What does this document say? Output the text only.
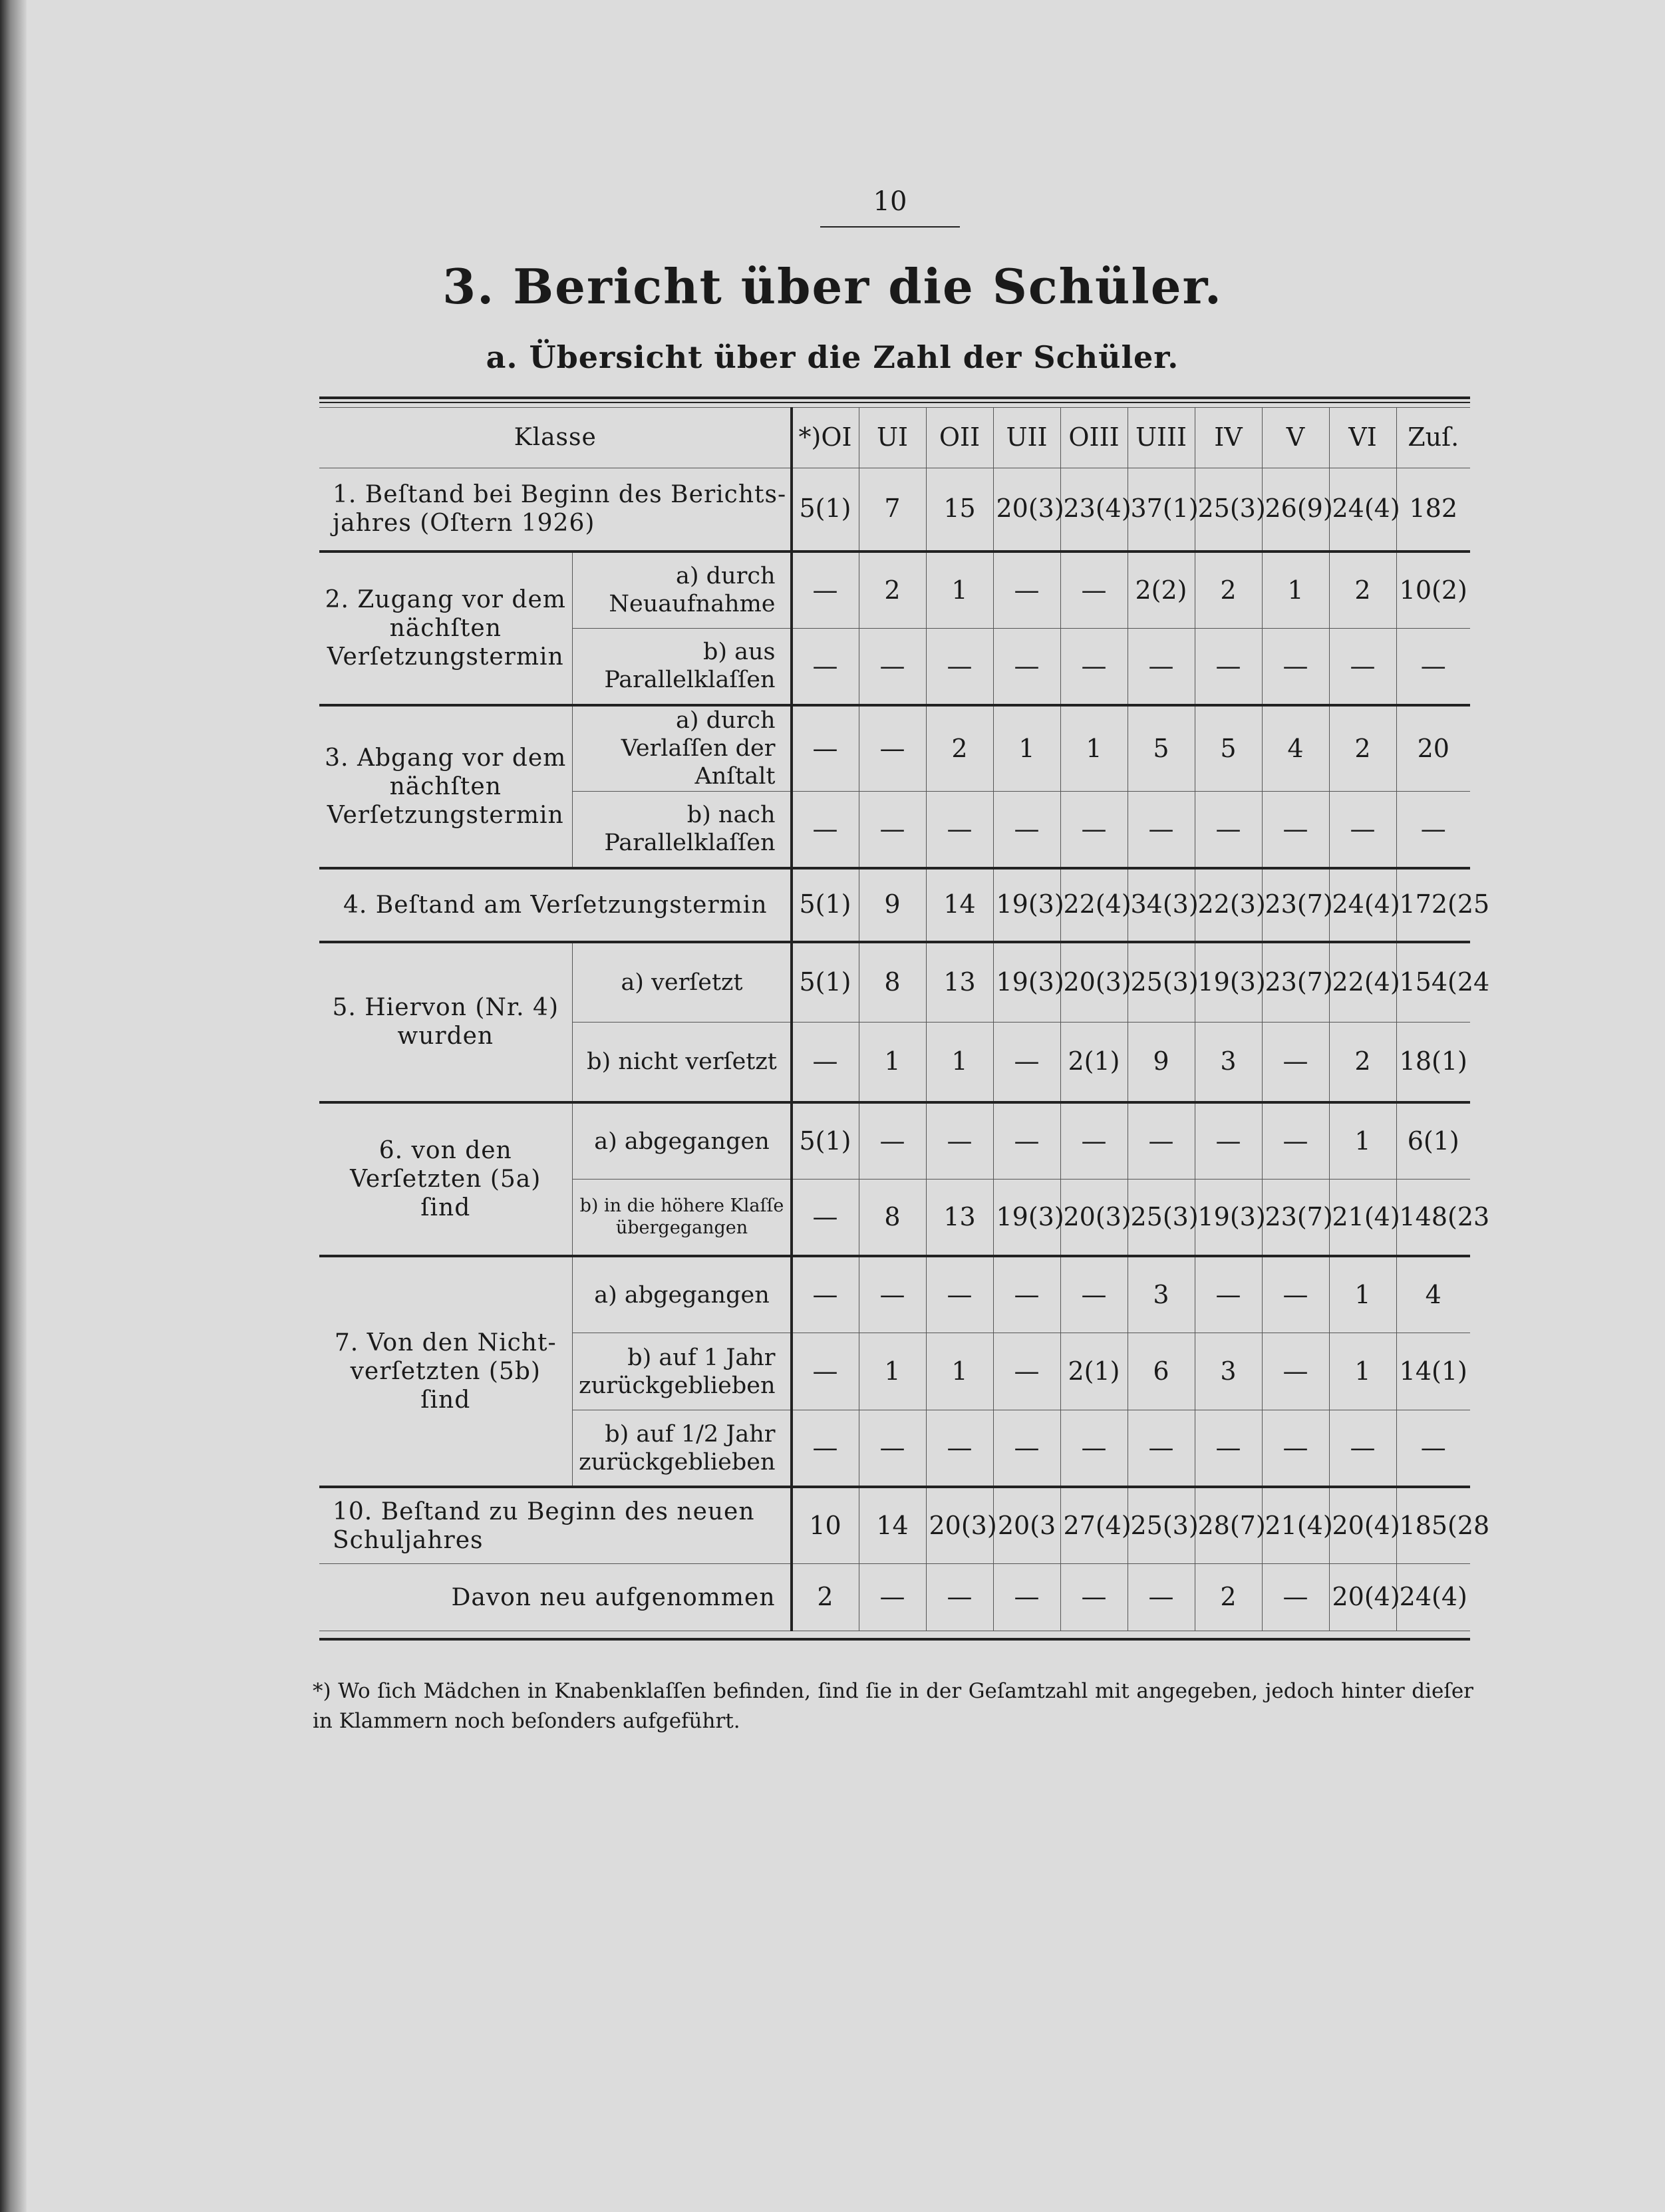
10
3. Bericht über die Schüler.
a. Übersicht über die Zahl der Schüler.
Klasse		*)OI	UI	OII	UII	OIII	UIII	IV	V	VI	Zuſ.
1. Beſtand bei Beginn des Berichts-jahres (Oſtern 1926)		5(1)	7	15	20(3)	23(4)	37(1)	25(3)	26(9)	24(4)	182
2. Zugang vor dem nächſten Verſetzungstermin	a) durch Neuaufnahme	—	2	1	—	—	2(2)	2	1	2	10(2)
	b) aus Parallelklaſſen	—	—	—	—	—	—	—	—	—	—
3. Abgang vor dem nächſten Verſetzungstermin	a) durch Verlaſſen der Anſtalt	—	—	2	1	1	5	5	4	2	20
	b) nach Parallelklaſſen	—	—	—	—	—	—	—	—	—	—
4. Beſtand am Verſetzungstermin		5(1)	9	14	19(3)	22(4)	34(3)	22(3)	23(7)	24(4)	172(25
5. Hiervon (Nr. 4) wurden	a) verſetzt	5(1)	8	13	19(3)	20(3)	25(3)	19(3)	23(7)	22(4)	154(24
	b) nicht verſetzt	—	1	1	—	2(1)	9	3	—	2	18(1)
6. von den Verſetzten (5a) ſind	a) abgegangen	5(1)	—	—	—	—	—	—	—	1	6(1)
	b) in die höhere Klaſſe übergegangen	—	8	13	19(3)	20(3)	25(3)	19(3)	23(7)	21(4)	148(23
7. Von den Nicht-verſetzten (5b) ſind	a) abgegangen	—	—	—	—	—	3	—	—	1	4
	b) auf 1 Jahr zurückgeblieben	—	1	1	—	2(1)	6	3	—	1	14(1)
	b) auf 1/2 Jahr zurückgeblieben	—	—	—	—	—	—	—	—	—	—
10. Beſtand zu Beginn des neuen Schuljahres		10	14	20(3)	20(3	27(4)	25(3)	28(7)	21(4)	20(4)	185(28
Davon neu aufgenommen		2	—	—	—	—	—	2	—	20(4)	24(4)
*) Wo ſich Mädchen in Knabenklaſſen befinden, ſind ſie in der Geſamtzahl mit angegeben, jedoch hinter dieſer in Klammern noch beſonders aufgeführt.
